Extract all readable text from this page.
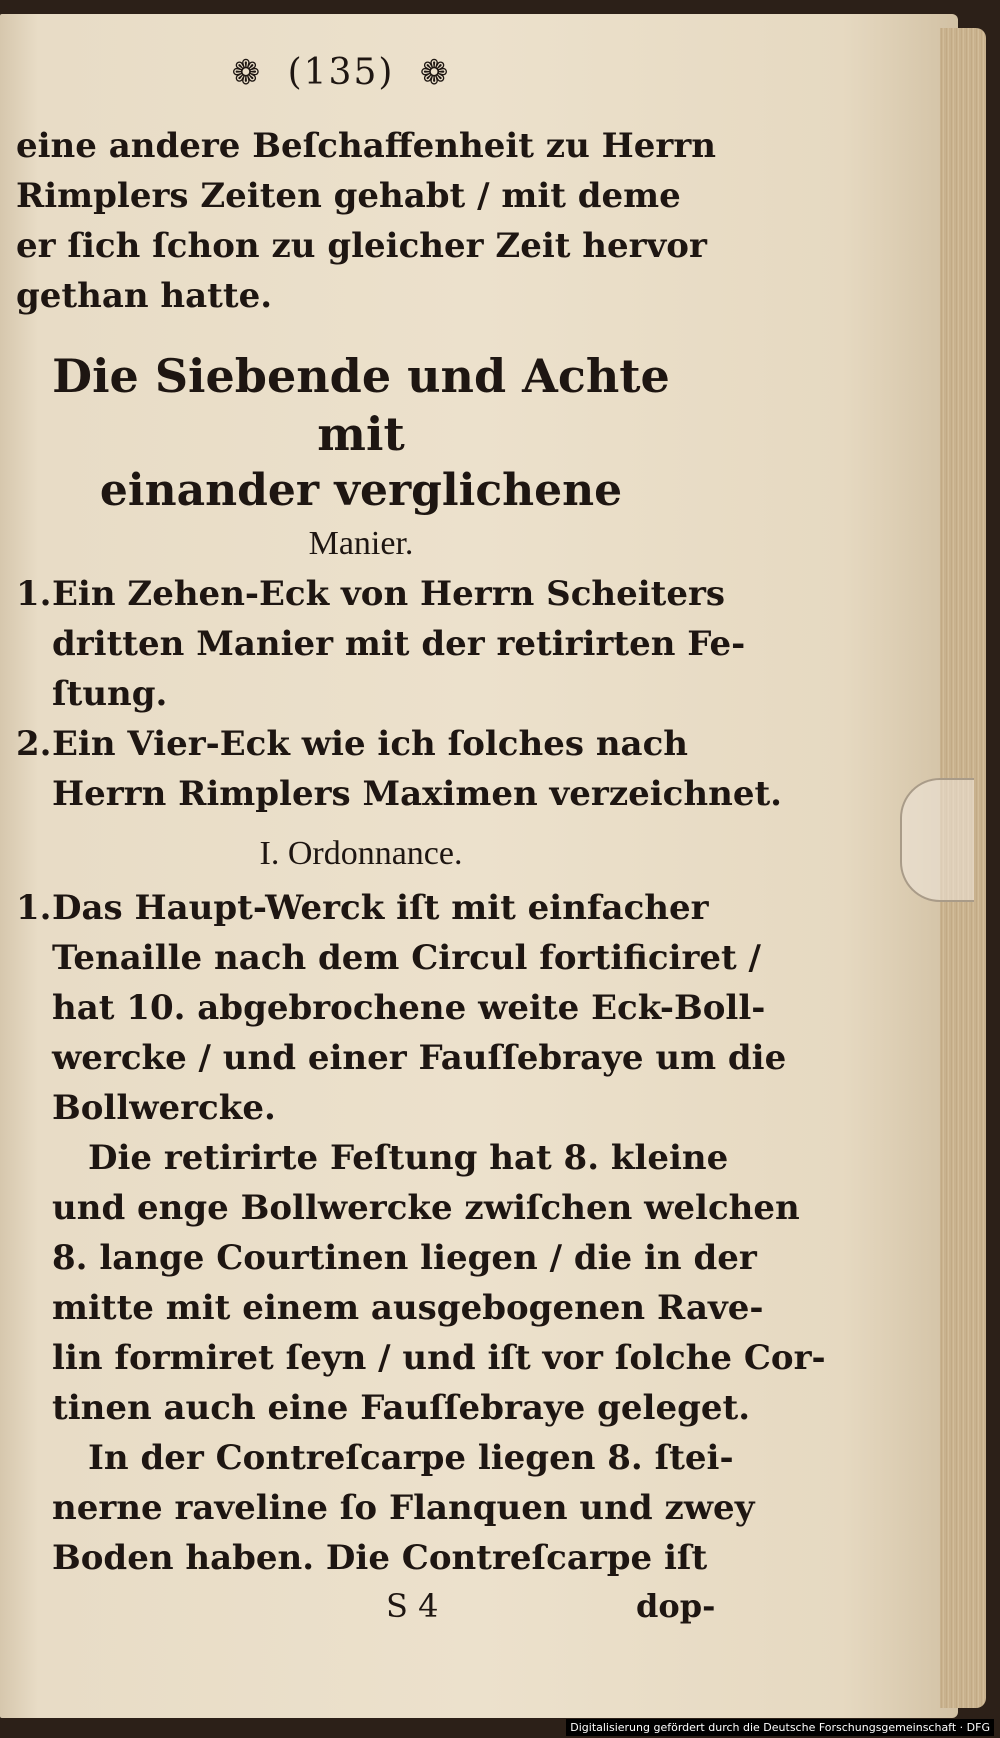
❁ (135) ❁
eine andere Beſchaffenheit zu Herrn
Rimplers Zeiten gehabt / mit deme
er ſich ſchon zu gleicher Zeit hervor
gethan hatte.
Die Siebende und Achte mit
einander verglichene
Manier.
1.Ein Zehen-Eck von Herrn Scheiters
dritten Manier mit der retirirten Fe-
ſtung.
2.Ein Vier-Eck wie ich ſolches nach
Herrn Rimplers Maximen verzeichnet.
I. Ordonnance.
1.Das Haupt-Werck iſt mit einfacher
Tenaille nach dem Circul fortificiret /
hat 10. abgebrochene weite Eck-Boll-
wercke / und einer Fauſſebraye um die
Bollwercke.
Die retirirte Feſtung hat 8. kleine
und enge Bollwercke zwiſchen welchen
8. lange Courtinen liegen / die in der
mitte mit einem ausgebogenen Rave-
lin formiret ſeyn / und iſt vor ſolche Cor-
tinen auch eine Fauſſebraye geleget.
In der Contreſcarpe liegen 8. ſtei-
nerne raveline ſo Flanquen und zwey
Boden haben. Die Contreſcarpe iſt
S 4	dop-
Digitalisierung gefördert durch die Deutsche Forschungsgemeinschaft · DFG
